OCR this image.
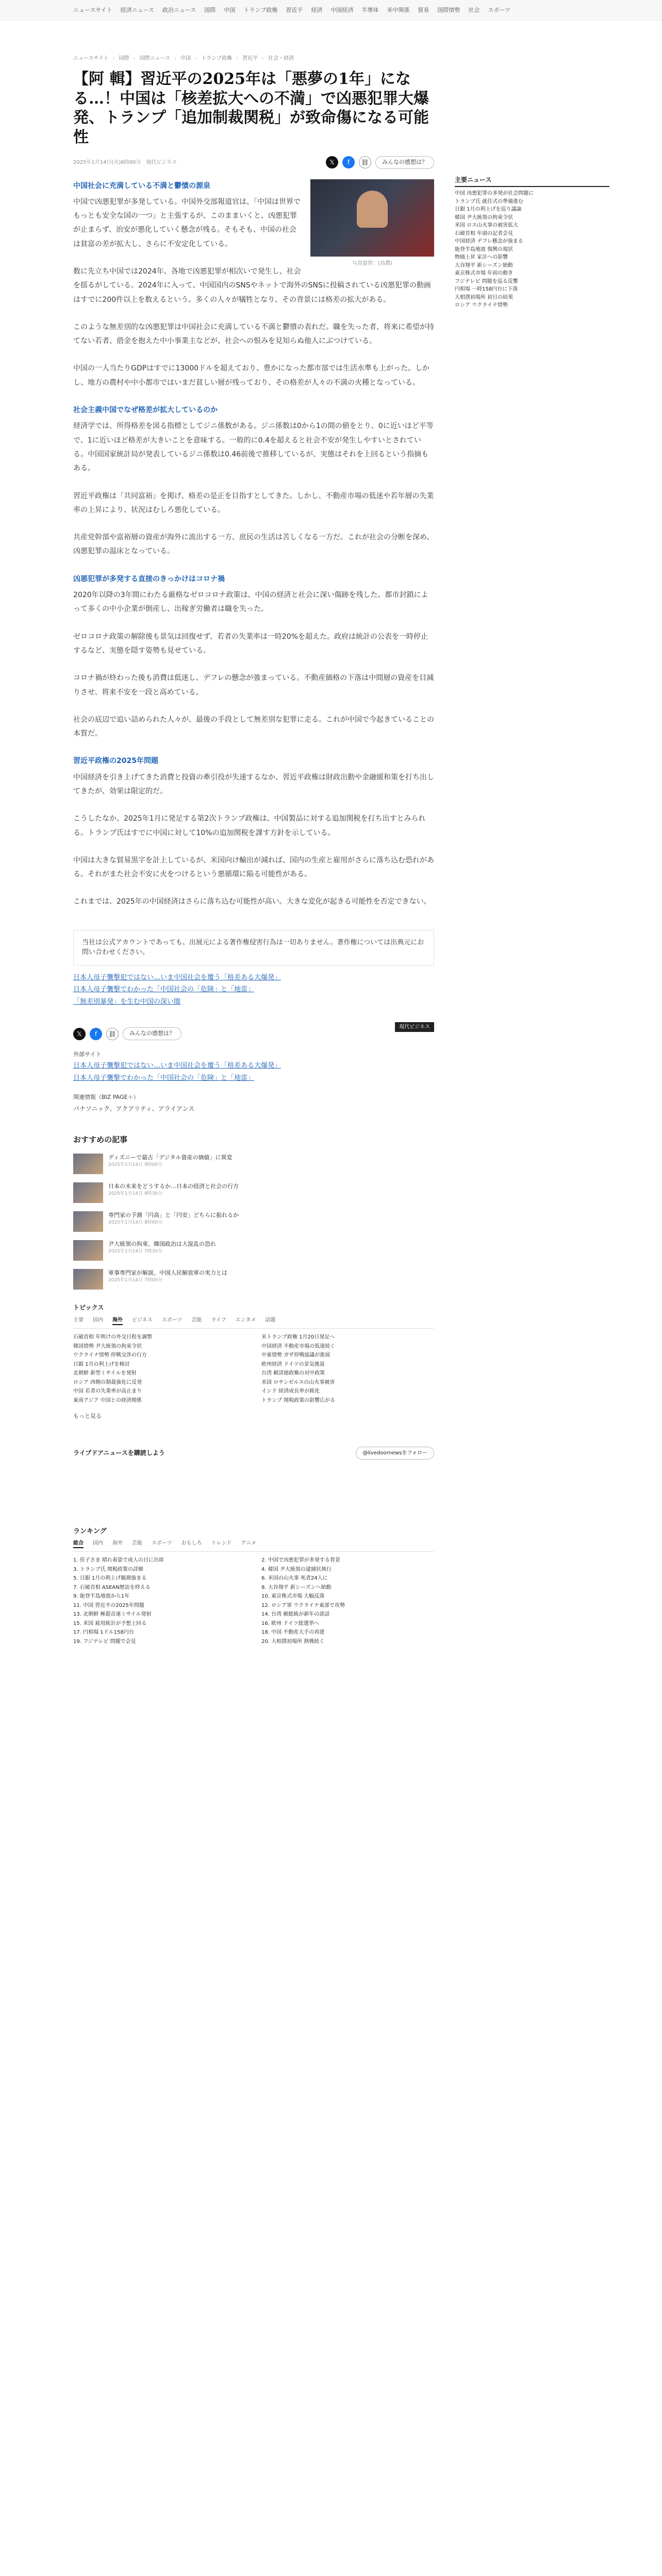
ニュースサイト 経済ニュース 政治ニュース 国際 中国 トランプ政権 習近平 経済 中国経済 半導体 米中関係 貿易 国際情勢 社会 スポーツ
ニュースサイト › 国際 › 国際ニュース › 中国 › トランプ政権 › 習近平 › 社会・経済
【阿 輯】習近平の2025年は「悪夢の1年」になる…！中国は「核差拡大への不満」で凶悪犯罪大爆発、トランプ「追加制裁関税」が致命傷になる可能性
2025年1月14日(火)6時00分 現代ビジネス	𝕏	f	⛓	みんなの感想は？
写真提供：(鳥撰)
中国社会に充満している不満と鬱憤の源泉

中国で凶悪犯罪が多発している。中国外交部報道官は、「中国は世界でもっとも安全な国の一つ」と主張するが、このままいくと、凶悪犯罪が止まらず、治安が悪化していく懸念が残る。そもそも、中国の社会は貧富の差が拡大し、さらに不安定化している。

数に先立ち中国では2024年、各地で凶悪犯罪が相次いで発生し、社会を揺るがしている。2024年に入って、中国国内のSNSやネットで海外のSNSに投稿されている凶悪犯罪の動画はすでに200件以上を数えるという。多くの人々が犠牲となり、その背景には格差の拡大がある。

このような無差別的な凶悪犯罪は中国社会に充満している不満と鬱憤の表れだ。職を失った者、将来に希望が持てない若者、借金を抱えた中小事業主などが、社会への恨みを見知らぬ他人にぶつけている。

中国の一人当たりGDPはすでに13000ドルを超えており、豊かになった都市部では生活水準も上がった。しかし、地方の農村や中小都市ではいまだ貧しい層が残っており、その格差が人々の不満の火種となっている。

社会主義中国でなぜ格差が拡大しているのか

経済学では、所得格差を図る指標としてジニ係数がある。ジニ係数は0から1の間の値をとり、0に近いほど平等で、1に近いほど格差が大きいことを意味する。一般的に0.4を超えると社会不安が発生しやすいとされている。中国国家統計局が発表しているジニ係数は0.46前後で推移しているが、実態はそれを上回るという指摘もある。

習近平政権は「共同富裕」を掲げ、格差の是正を目指すとしてきた。しかし、不動産市場の低迷や若年層の失業率の上昇により、状況はむしろ悪化している。

共産党幹部や富裕層の資産が海外に流出する一方、庶民の生活は苦しくなる一方だ。これが社会の分断を深め、凶悪犯罪の温床となっている。

凶悪犯罪が多発する直接のきっかけはコロナ禍

2020年以降の3年間にわたる厳格なゼロコロナ政策は、中国の経済と社会に深い傷跡を残した。都市封鎖によって多くの中小企業が倒産し、出稼ぎ労働者は職を失った。

ゼロコロナ政策の解除後も景気は回復せず、若者の失業率は一時20%を超えた。政府は統計の公表を一時停止するなど、実態を隠す姿勢も見せている。

コロナ禍が終わった後も消費は低迷し、デフレの懸念が強まっている。不動産価格の下落は中間層の資産を目減りさせ、将来不安を一段と高めている。

社会の底辺で追い詰められた人々が、最後の手段として無差別な犯罪に走る。これが中国で今起きていることの本質だ。

習近平政権の2025年問題

中国経済を引き上げてきた消費と投資の牽引役が失速するなか、習近平政権は財政出動や金融緩和策を打ち出してきたが、効果は限定的だ。

こうしたなか、2025年1月に発足する第2次トランプ政権は、中国製品に対する追加関税を打ち出すとみられる。トランプ氏はすでに中国に対して10%の追加関税を課す方針を示している。

中国は大きな貿易黒字を計上しているが、米国向け輸出が減れば、国内の生産と雇用がさらに落ち込む恐れがある。それがまた社会不安に火をつけるという悪循環に陥る可能性がある。

これまでは、2025年の中国経済はさらに落ち込む可能性が高い。大きな変化が起きる可能性を否定できない。

当社は公式アカウントであっても、出展元による著作権侵害行為は一切ありません。著作権については出典元にお問い合わせください。
日本人母子襲撃犯ではない…いま中国社会を覆う「格差ある大爆発」
日本人母子襲撃でわかった「中国社会の「危険」と「地雷」
「無差別暴発」を生む中国の深い闇
現代ビジネス
𝕏	f	⛓	みんなの感想は？
外部サイト
日本人母子襲撃犯ではない…いま中国社会を覆う「格差ある大爆発」
日本人母子襲撃でわかった「中国社会の「危険」と「地雷」
関連情報（BIZ PAGE＋）
パナソニック、アクアリティ、アライアンス
おすすめの記事
ディズニーで最古「デジタル資産の価値」に異変
2025年1月14日 9時00分
日本の未来をどうするか…日本の経済と社会の行方
2025年1月14日 8時30分
専門家の予測「円高」と「円安」どちらに振れるか
2025年1月14日 8時00分
尹大統領の拘束、韓国政治は大混乱の恐れ
2025年1月14日 7時30分
軍事専門家が解説、中国人民解放軍の実力とは
2025年1月14日 7時00分
トピックス
主要 国内 海外 ビジネス スポーツ 芸能 ライフ エンタメ 話題
石破首相 年明けの外交日程を調整	米トランプ政権 1月20日発足へ
韓国情勢 尹大統領の拘束令状	中国経済 不動産市場の低迷続く
ウクライナ情勢 停戦交渉の行方	中東情勢 ガザ停戦協議が進展
日銀 1月の利上げを検討	欧州経済 ドイツの景気後退
北朝鮮 新型ミサイルを発射	台湾 頼清徳政権の対中政策
ロシア 西側の制裁強化に反発	米国 ロサンゼルスの山火事被害
中国 若者の失業率が高止まり	インド 経済成長率が鈍化
東南アジア 中国との経済関係	トランプ 関税政策の影響広がる
もっと見る
ライブドアニュースを購読しよう	@livedoornewsをフォロー
ランキング
総合 国内 海外 芸能 スポーツ おもしろ トレンド アニメ
1. 佳子さま 晴れ着姿で成人の日に出席	2. 中国で凶悪犯罪が多発する背景
3. トランプ氏 関税政策の詳細	4. 韓国 尹大統領の逮捕状執行
5. 日銀 1月の利上げ観測強まる	6. 米国の山火事 死者24人に
7. 石破首相 ASEAN歴訪を終える	8. 大谷翔平 新シーズンへ始動
9. 能登半島地震から1年	10. 東京株式市場 大幅反落
11. 中国 習近平の2025年問題	12. ロシア軍 ウクライナ東部で攻勢
13. 北朝鮮 極超音速ミサイル発射	14. 台湾 頼総統が新年の談話
15. 米国 雇用統計が予想上回る	16. 欧州 ドイツ総選挙へ
17. 円相場 1ドル158円台	18. 中国 不動産大手の再建
19. フジテレビ 問題で会見	20. 大相撲初場所 熱戦続く
主要ニュース
中国 凶悪犯罪の多発が社会問題に
トランプ氏 就任式の準備進む
日銀 1月の利上げを巡り議論
韓国 尹大統領の拘束令状
米国 ロス山火事の被害拡大
石破首相 年頭の記者会見
中国経済 デフレ懸念が強まる
能登半島地震 復興の現状
物価上昇 家計への影響
大谷翔平 新シーズン始動
東京株式市場 年初の動き
フジテレビ 問題を巡る反響
円相場 一時158円台に下落
大相撲初場所 初日の結果
ロシア ウクライナ情勢
